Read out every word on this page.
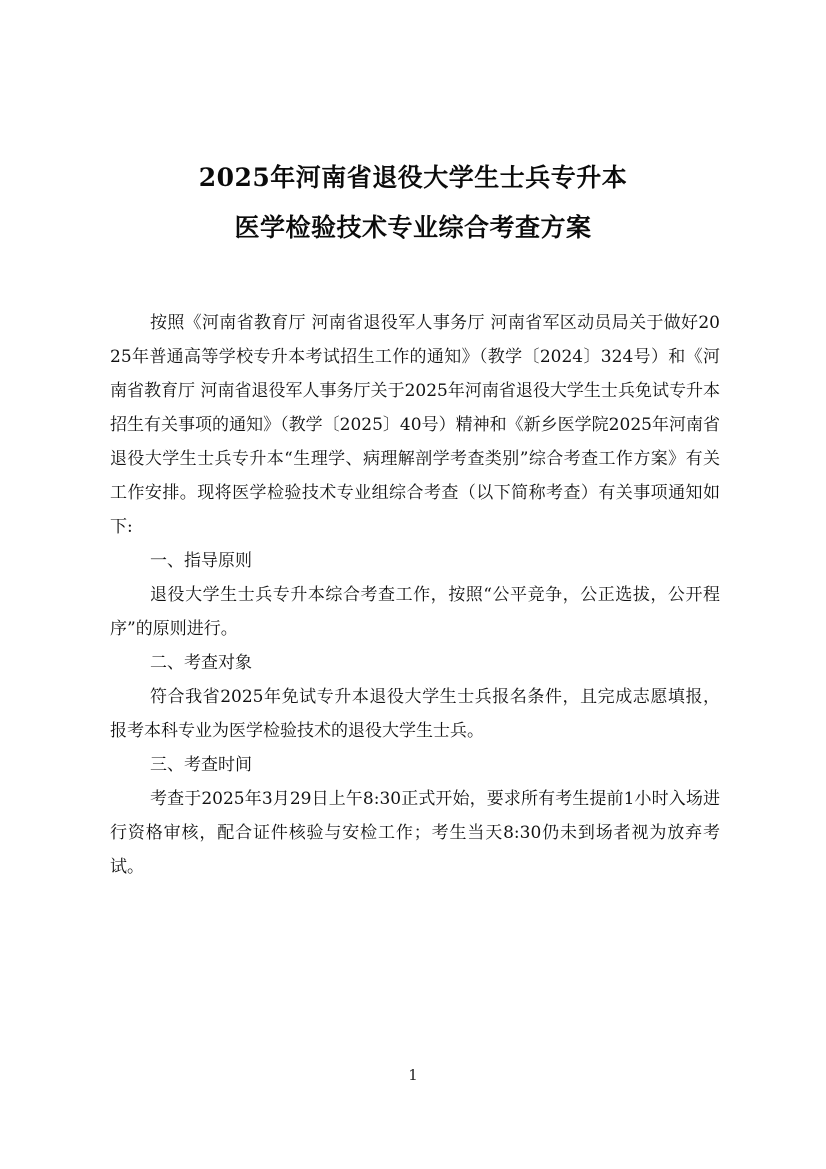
2025年河南省退役大学生士兵专升本
医学检验技术专业综合考查方案

按照《河南省教育厅 河南省退役军人事务厅 河南省军区动员局关于做好2025年普通高等学校专升本考试招生工作的通知》（教学〔2024〕324号）和《河南省教育厅 河南省退役军人事务厅关于2025年河南省退役大学生士兵免试专升本招生有关事项的通知》（教学〔2025〕40号）精神和《新乡医学院2025年河南省退役大学生士兵专升本“生理学、病理解剖学考查类别”综合考查工作方案》有关工作安排。现将医学检验技术专业组综合考查（以下简称考查）有关事项通知如下:

一、指导原则

退役大学生士兵专升本综合考查工作，按照“公平竞争，公正选拔，公开程序”的原则进行。

二、考查对象

符合我省2025年免试专升本退役大学生士兵报名条件，且完成志愿填报，报考本科专业为医学检验技术的退役大学生士兵。

三、考查时间

考查于2025年3月29日上午8:30正式开始，要求所有考生提前1小时入场进行资格审核，配合证件核验与安检工作；考生当天8:30仍未到场者视为放弃考试。

1
